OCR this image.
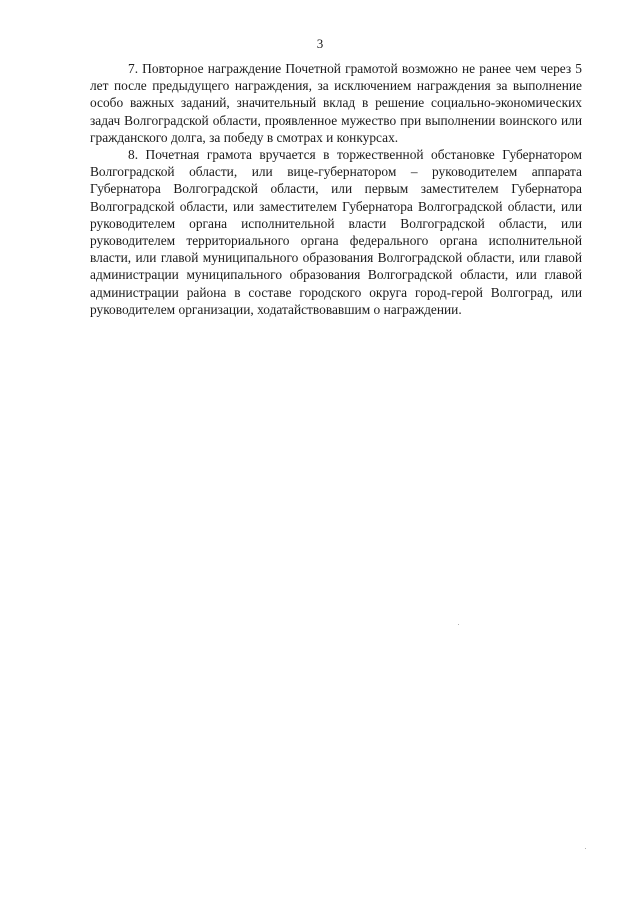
3

7. Повторное награждение Почетной грамотой возможно не ранее чем через 5 лет после предыдущего награждения, за исключением награждения за выполнение особо важных заданий, значительный вклад в решение социально-экономических задач Волгоградской области, проявленное мужество при выполнении воинского или гражданского долга, за победу в смотрах и конкурсах.

8. Почетная грамота вручается в торжественной обстановке Губернатором Волгоградской области, или вице-губернатором – руководителем аппарата Губернатора Волгоградской области, или первым заместителем Губернатора Волгоградской области, или заместителем Губернатора Волгоградской области, или руководителем органа исполнительной власти Волгоградской области, или руководителем территориального органа федерального органа исполнительной власти, или главой муниципального образования Волгоградской области, или главой администрации муниципального образования Волгоградской области, или главой администрации района в составе городского округа город-герой Волгоград, или руководителем организации, ходатайствовавшим о награждении.
